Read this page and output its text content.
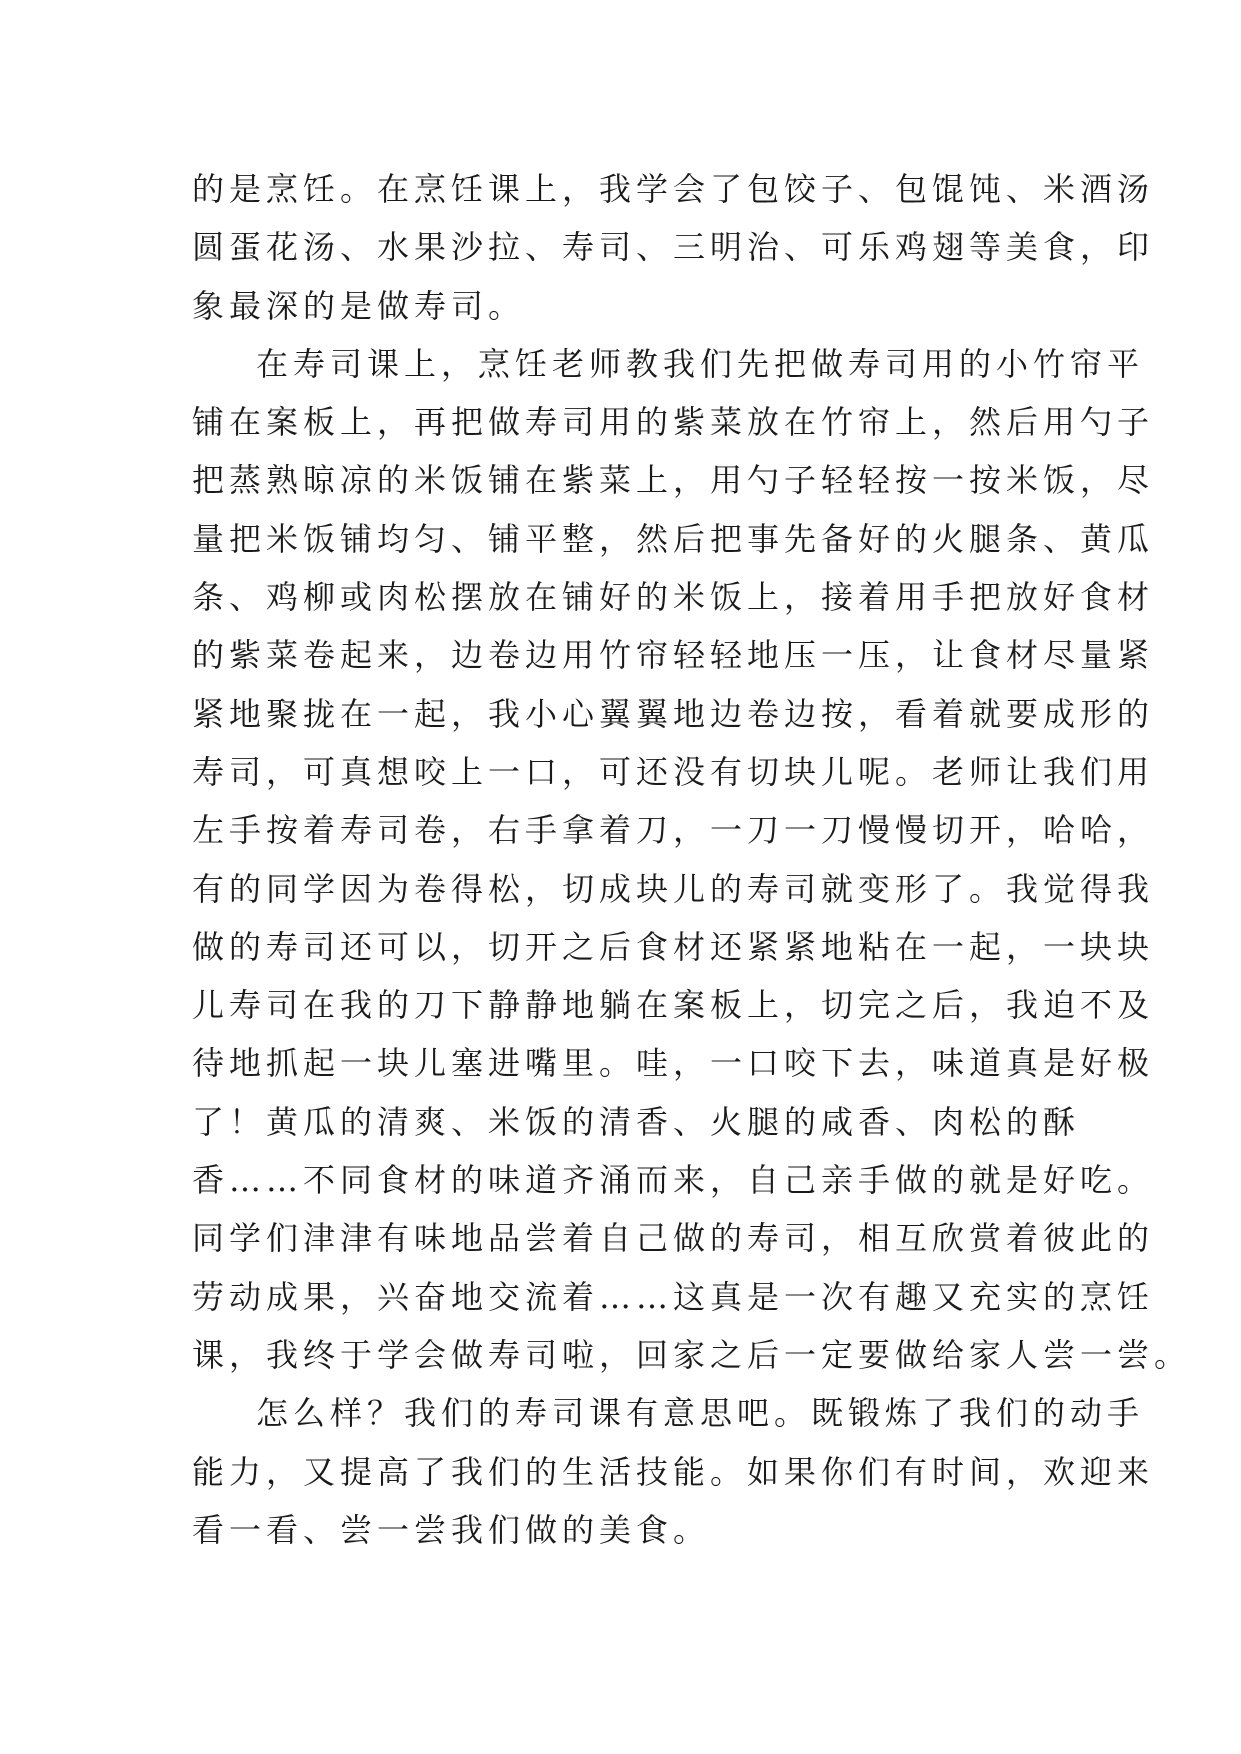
的是烹饪。在烹饪课上，我学会了包饺子、包馄饨、米酒汤
圆蛋花汤、水果沙拉、寿司、三明治、可乐鸡翅等美食，印
象最深的是做寿司。
在寿司课上，烹饪老师教我们先把做寿司用的小竹帘平
铺在案板上，再把做寿司用的紫菜放在竹帘上，然后用勺子
把蒸熟晾凉的米饭铺在紫菜上，用勺子轻轻按一按米饭，尽
量把米饭铺均匀、铺平整，然后把事先备好的火腿条、黄瓜
条、鸡柳或肉松摆放在铺好的米饭上，接着用手把放好食材
的紫菜卷起来，边卷边用竹帘轻轻地压一压，让食材尽量紧
紧地聚拢在一起，我小心翼翼地边卷边按，看着就要成形的
寿司，可真想咬上一口，可还没有切块儿呢。老师让我们用
左手按着寿司卷，右手拿着刀，一刀一刀慢慢切开，哈哈，
有的同学因为卷得松，切成块儿的寿司就变形了。我觉得我
做的寿司还可以，切开之后食材还紧紧地粘在一起，一块块
儿寿司在我的刀下静静地躺在案板上，切完之后，我迫不及
待地抓起一块儿塞进嘴里。哇，一口咬下去，味道真是好极
了！黄瓜的清爽、米饭的清香、火腿的咸香、肉松的酥
香……不同食材的味道齐涌而来，自己亲手做的就是好吃。
同学们津津有味地品尝着自己做的寿司，相互欣赏着彼此的
劳动成果，兴奋地交流着……这真是一次有趣又充实的烹饪
课，我终于学会做寿司啦，回家之后一定要做给家人尝一尝。
怎么样？我们的寿司课有意思吧。既锻炼了我们的动手
能力，又提高了我们的生活技能。如果你们有时间，欢迎来
看一看、尝一尝我们做的美食。
